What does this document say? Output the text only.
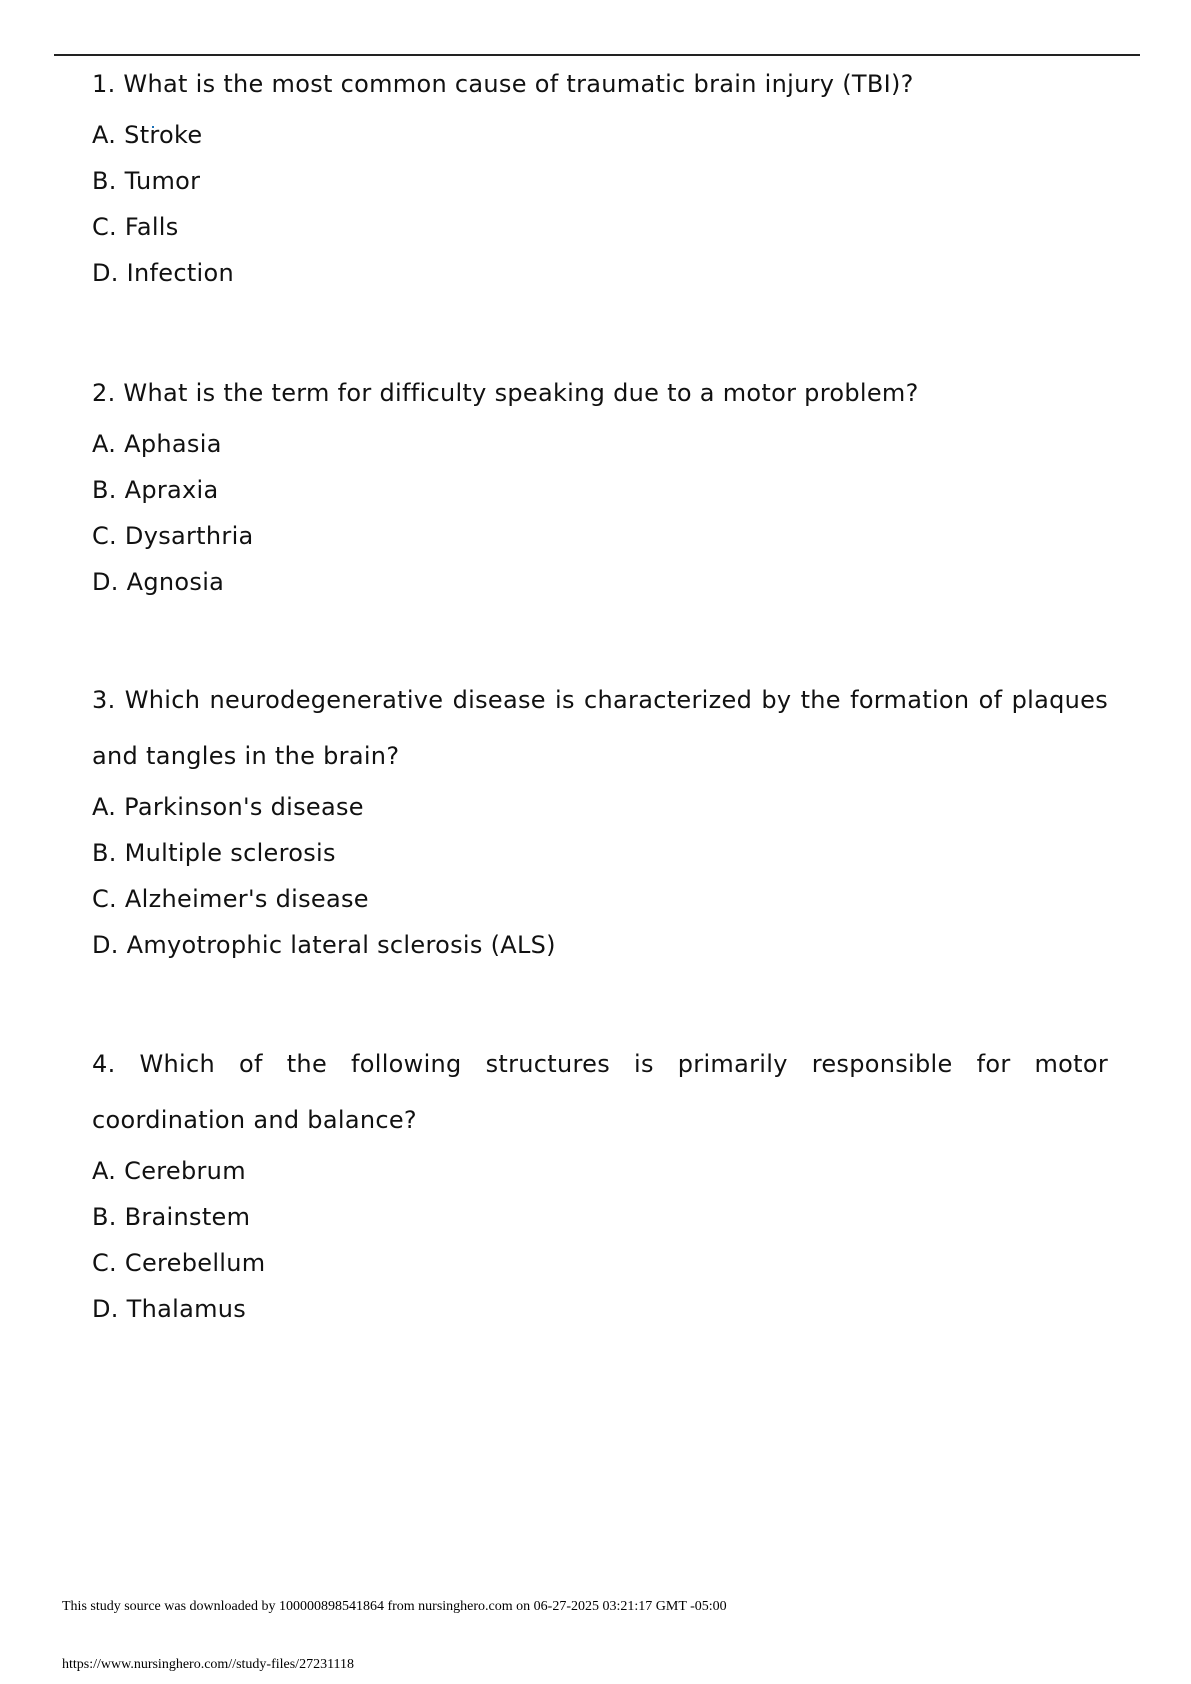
1. What is the most common cause of traumatic brain injury (TBI)?

A. Stroke
B. Tumor
C. Falls
D. Infection

2. What is the term for difficulty speaking due to a motor problem?

A. Aphasia
B. Apraxia
C. Dysarthria
D. Agnosia

3. Which neurodegenerative disease is characterized by the formation of plaques and tangles in the brain?

A. Parkinson's disease
B. Multiple sclerosis
C. Alzheimer's disease
D. Amyotrophic lateral sclerosis (ALS)

4. Which of the following structures is primarily responsible for motor coordination and balance?

A. Cerebrum
B. Brainstem
C. Cerebellum
D. Thalamus
This study source was downloaded by 100000898541864 from nursinghero.com on 06-27-2025 03:21:17 GMT -05:00
https://www.nursinghero.com//study-files/27231118
